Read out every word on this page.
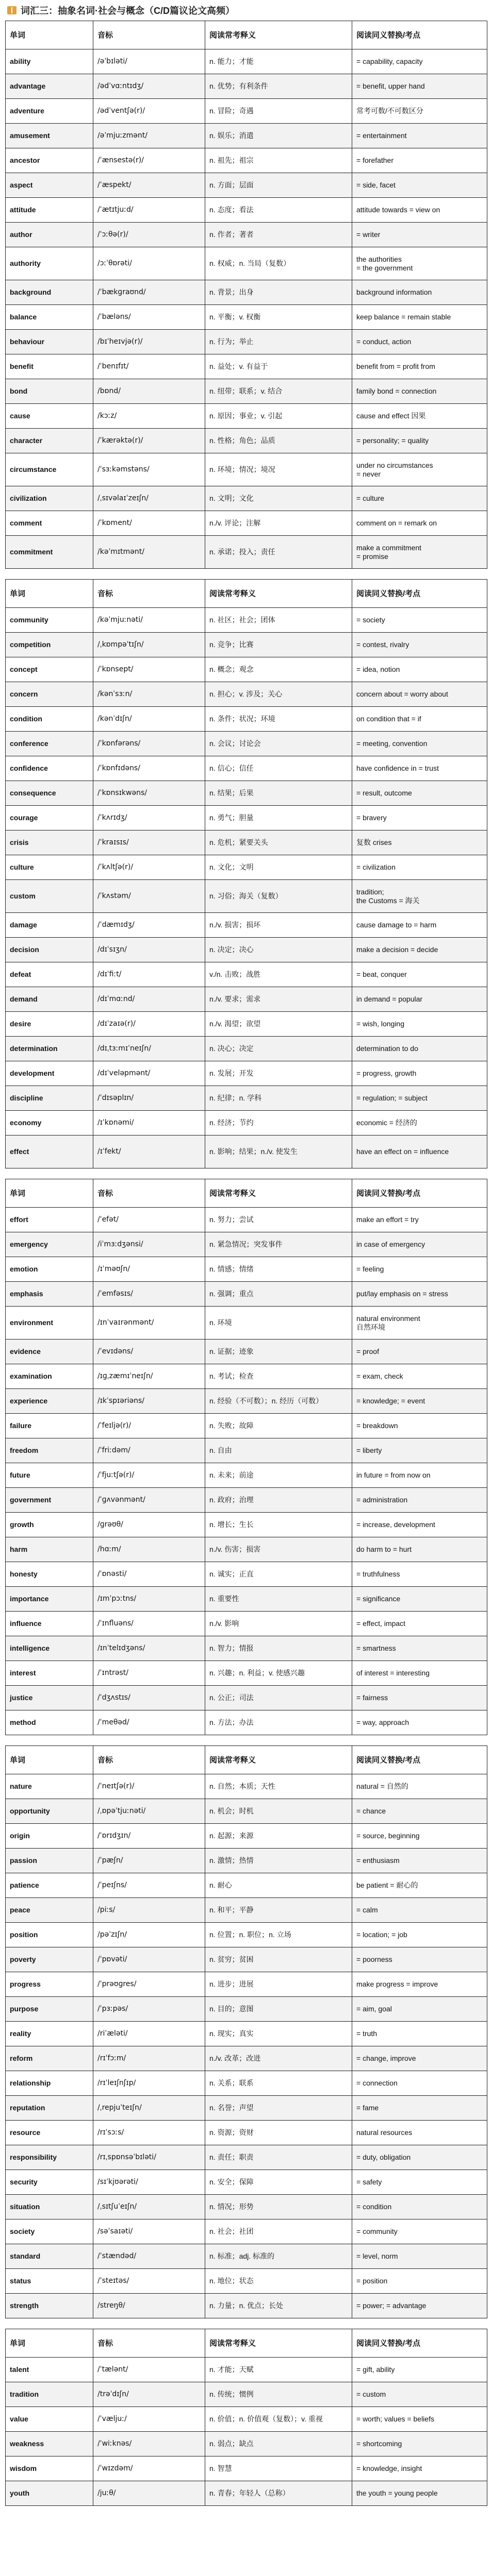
词汇三：抽象名词·社会与概念（C/D篇议论文高频）
单词	音标	阅读常考释义	阅读同义替换/考点
ability	/əˈbɪləti/	n. 能力；才能	= capability, capacity
advantage	/ədˈvɑːntɪdʒ/	n. 优势；有利条件	= benefit, upper hand
adventure	/ədˈventʃə(r)/	n. 冒险；奇遇	常考可数/不可数区分
amusement	/əˈmjuːzmənt/	n. 娱乐；消遣	= entertainment
ancestor	/ˈænsestə(r)/	n. 祖先；祖宗	= forefather
aspect	/ˈæspekt/	n. 方面；层面	= side, facet
attitude	/ˈætɪtjuːd/	n. 态度；看法	attitude towards = view on
author	/ˈɔːθə(r)/	n. 作者；著者	= writer
authority	/ɔːˈθɒrəti/	n. 权威；n. 当局（复数）	the authorities
= the government
background	/ˈbækɡraʊnd/	n. 背景；出身	background information
balance	/ˈbæləns/	n. 平衡；v. 权衡	keep balance = remain stable
behaviour	/bɪˈheɪvjə(r)/	n. 行为；举止	= conduct, action
benefit	/ˈbenɪfɪt/	n. 益处；v. 有益于	benefit from = profit from
bond	/bɒnd/	n. 纽带；联系；v. 结合	family bond = connection
cause	/kɔːz/	n. 原因；事业；v. 引起	cause and effect 因果
character	/ˈkærəktə(r)/	n. 性格；角色；品质	= personality; = quality
circumstance	/ˈsɜːkəmstəns/	n. 环境；情况；境况	under no circumstances
= never
civilization	/ˌsɪvəlaɪˈzeɪʃn/	n. 文明；文化	= culture
comment	/ˈkɒment/	n./v. 评论；注解	comment on = remark on
commitment	/kəˈmɪtmənt/	n. 承诺；投入；责任	make a commitment
= promise
单词	音标	阅读常考释义	阅读同义替换/考点
community	/kəˈmjuːnəti/	n. 社区；社会；团体	= society
competition	/ˌkɒmpəˈtɪʃn/	n. 竞争；比赛	= contest, rivalry
concept	/ˈkɒnsept/	n. 概念；观念	= idea, notion
concern	/kənˈsɜːn/	n. 担心；v. 涉及；关心	concern about = worry about
condition	/kənˈdɪʃn/	n. 条件；状况；环境	on condition that = if
conference	/ˈkɒnfərəns/	n. 会议；讨论会	= meeting, convention
confidence	/ˈkɒnfɪdəns/	n. 信心；信任	have confidence in = trust
consequence	/ˈkɒnsɪkwəns/	n. 结果；后果	= result, outcome
courage	/ˈkʌrɪdʒ/	n. 勇气；胆量	= bravery
crisis	/ˈkraɪsɪs/	n. 危机；紧要关头	复数 crises
culture	/ˈkʌltʃə(r)/	n. 文化；文明	= civilization
custom	/ˈkʌstəm/	n. 习俗；海关（复数）	tradition;
the Customs = 海关
damage	/ˈdæmɪdʒ/	n./v. 损害；损坏	cause damage to = harm
decision	/dɪˈsɪʒn/	n. 决定；决心	make a decision = decide
defeat	/dɪˈfiːt/	v./n. 击败；战胜	= beat, conquer
demand	/dɪˈmɑːnd/	n./v. 要求；需求	in demand = popular
desire	/dɪˈzaɪə(r)/	n./v. 渴望；欲望	= wish, longing
determination	/dɪˌtɜːmɪˈneɪʃn/	n. 决心；决定	determination to do
development	/dɪˈveləpmənt/	n. 发展；开发	= progress, growth
discipline	/ˈdɪsəplɪn/	n. 纪律；n. 学科	= regulation; = subject
economy	/ɪˈkɒnəmi/	n. 经济；节约	economic = 经济的
effect	/ɪˈfekt/	n. 影响；结果；n./v. 使发生	have an effect on = influence
单词	音标	阅读常考释义	阅读同义替换/考点
effort	/ˈefət/	n. 努力；尝试	make an effort = try
emergency	/iˈmɜːdʒənsi/	n. 紧急情况；突发事件	in case of emergency
emotion	/ɪˈməʊʃn/	n. 情感；情绪	= feeling
emphasis	/ˈemfəsɪs/	n. 强调；重点	put/lay emphasis on = stress
environment	/ɪnˈvaɪrənmənt/	n. 环境	natural environment
自然环境
evidence	/ˈevɪdəns/	n. 证据；迹象	= proof
examination	/ɪɡˌzæmɪˈneɪʃn/	n. 考试；检查	= exam, check
experience	/ɪkˈspɪəriəns/	n. 经验（不可数）；n. 经历（可数）	= knowledge; = event
failure	/ˈfeɪljə(r)/	n. 失败；故障	= breakdown
freedom	/ˈfriːdəm/	n. 自由	= liberty
future	/ˈfjuːtʃə(r)/	n. 未来；前途	in future = from now on
government	/ˈɡʌvənmənt/	n. 政府；治理	= administration
growth	/ɡrəʊθ/	n. 增长；生长	= increase, development
harm	/hɑːm/	n./v. 伤害；损害	do harm to = hurt
honesty	/ˈɒnəsti/	n. 诚实；正直	= truthfulness
importance	/ɪmˈpɔːtns/	n. 重要性	= significance
influence	/ˈɪnfluəns/	n./v. 影响	= effect, impact
intelligence	/ɪnˈtelɪdʒəns/	n. 智力；情报	= smartness
interest	/ˈɪntrəst/	n. 兴趣；n. 利益；v. 使感兴趣	of interest = interesting
justice	/ˈdʒʌstɪs/	n. 公正；司法	= fairness
method	/ˈmeθəd/	n. 方法；办法	= way, approach
单词	音标	阅读常考释义	阅读同义替换/考点
nature	/ˈneɪtʃə(r)/	n. 自然；本质；天性	natural = 自然的
opportunity	/ˌɒpəˈtjuːnəti/	n. 机会；时机	= chance
origin	/ˈɒrɪdʒɪn/	n. 起源；来源	= source, beginning
passion	/ˈpæʃn/	n. 激情；热情	= enthusiasm
patience	/ˈpeɪʃns/	n. 耐心	be patient = 耐心的
peace	/piːs/	n. 和平；平静	= calm
position	/pəˈzɪʃn/	n. 位置；n. 职位；n. 立场	= location; = job
poverty	/ˈpɒvəti/	n. 贫穷；贫困	= poorness
progress	/ˈprəʊɡres/	n. 进步；进展	make progress = improve
purpose	/ˈpɜːpəs/	n. 目的；意图	= aim, goal
reality	/riˈæləti/	n. 现实；真实	= truth
reform	/rɪˈfɔːm/	n./v. 改革；改进	= change, improve
relationship	/rɪˈleɪʃnʃɪp/	n. 关系；联系	= connection
reputation	/ˌrepjuˈteɪʃn/	n. 名誉；声望	= fame
resource	/rɪˈsɔːs/	n. 资源；资财	natural resources
responsibility	/rɪˌspɒnsəˈbɪləti/	n. 责任；职责	= duty, obligation
security	/sɪˈkjʊərəti/	n. 安全；保障	= safety
situation	/ˌsɪtʃuˈeɪʃn/	n. 情况；形势	= condition
society	/səˈsaɪəti/	n. 社会；社团	= community
standard	/ˈstændəd/	n. 标准；adj. 标准的	= level, norm
status	/ˈsteɪtəs/	n. 地位；状态	= position
strength	/streŋθ/	n. 力量；n. 优点；长处	= power; = advantage
单词	音标	阅读常考释义	阅读同义替换/考点
talent	/ˈtælənt/	n. 才能；天赋	= gift, ability
tradition	/trəˈdɪʃn/	n. 传统；惯例	= custom
value	/ˈvæljuː/	n. 价值；n. 价值观（复数）；v. 重视	= worth; values = beliefs
weakness	/ˈwiːknəs/	n. 弱点；缺点	= shortcoming
wisdom	/ˈwɪzdəm/	n. 智慧	= knowledge, insight
youth	/juːθ/	n. 青春；年轻人（总称）	the youth = young people
